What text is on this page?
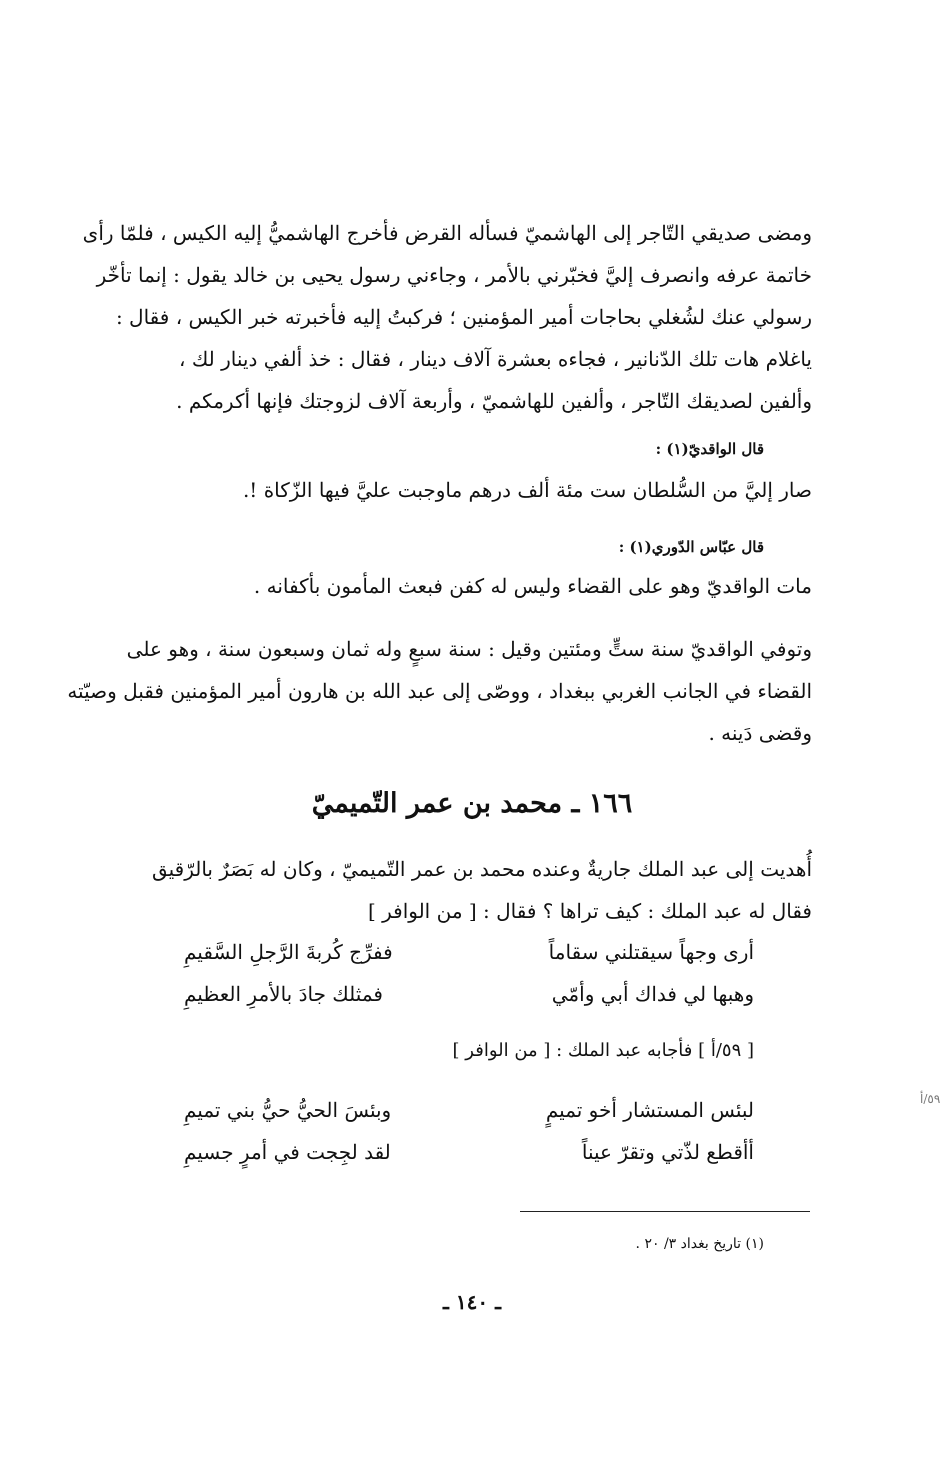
ومضى صديقي التّاجر إلى الهاشميّ فسأله القرض فأخرج الهاشميُّ إليه الكيس ، فلمّا رأى
خاتمة عرفه وانصرف إليَّ فخبّرني بالأمر ، وجاءني رسول يحيى بن خالد يقول : إنما تأخّر
رسولي عنك لشُغلي بحاجات أمير المؤمنين ؛ فركبتُ إليه فأخبرته خبر الكيس ، فقال :
ياغلام هات تلك الدّنانير ، فجاءه بعشرة آلاف دينار ، فقال : خذ ألفي دينار لك ،
وألفين لصديقك التّاجر ، وألفين للهاشميّ ، وأربعة آلاف لزوجتك فإنها أكرمكم .
قال الواقديّ(١) :
صار إليَّ من السُّلطان ست مئة ألف درهم ماوجبت عليَّ فيها الزّكاة !.
قال عبّاس الدّوري(١) :
مات الواقديّ وهو على القضاء وليس له كفن فبعث المأمون بأكفانه .
وتوفي الواقديّ سنة ستٍّ ومئتين وقيل : سنة سبعٍ وله ثمان وسبعون سنة ، وهو على
القضاء في الجانب الغربي ببغداد ، ووصّى إلى عبد الله بن هارون أمير المؤمنين فقبل وصيّته
وقضى دَينه .
١٦٦ ـ محمد بن عمر التّميميّ
أُهديت إلى عبد الملك جاريةٌ وعنده محمد بن عمر التّميميّ ، وكان له بَصَرٌ بالرّقيق
فقال له عبد الملك : كيف تراها ؟ فقال : [ من الوافر ]
أرى وجهاً سيقتلني سقاماً
ففرِّج كُربةَ الرَّجلِ السَّقيمِ
وهبها لي فداك أبي وأمّي
فمثلك جادَ بالأمرِ العظيمِ
[ ٥٩/أ ] فأجابه عبد الملك : [ من الوافر ]
لبئس المستشار أخو تميمٍ
وبئسَ الحيُّ حيُّ بني تميمِ
أأقطع لذّتي وتقرّ عيناً
لقد لجِجت في أمرٍ جسيمِ
٥٩/أ
(١) تاريخ بغداد ٣/ ٢٠ .
ـ ١٤٠ ـ
